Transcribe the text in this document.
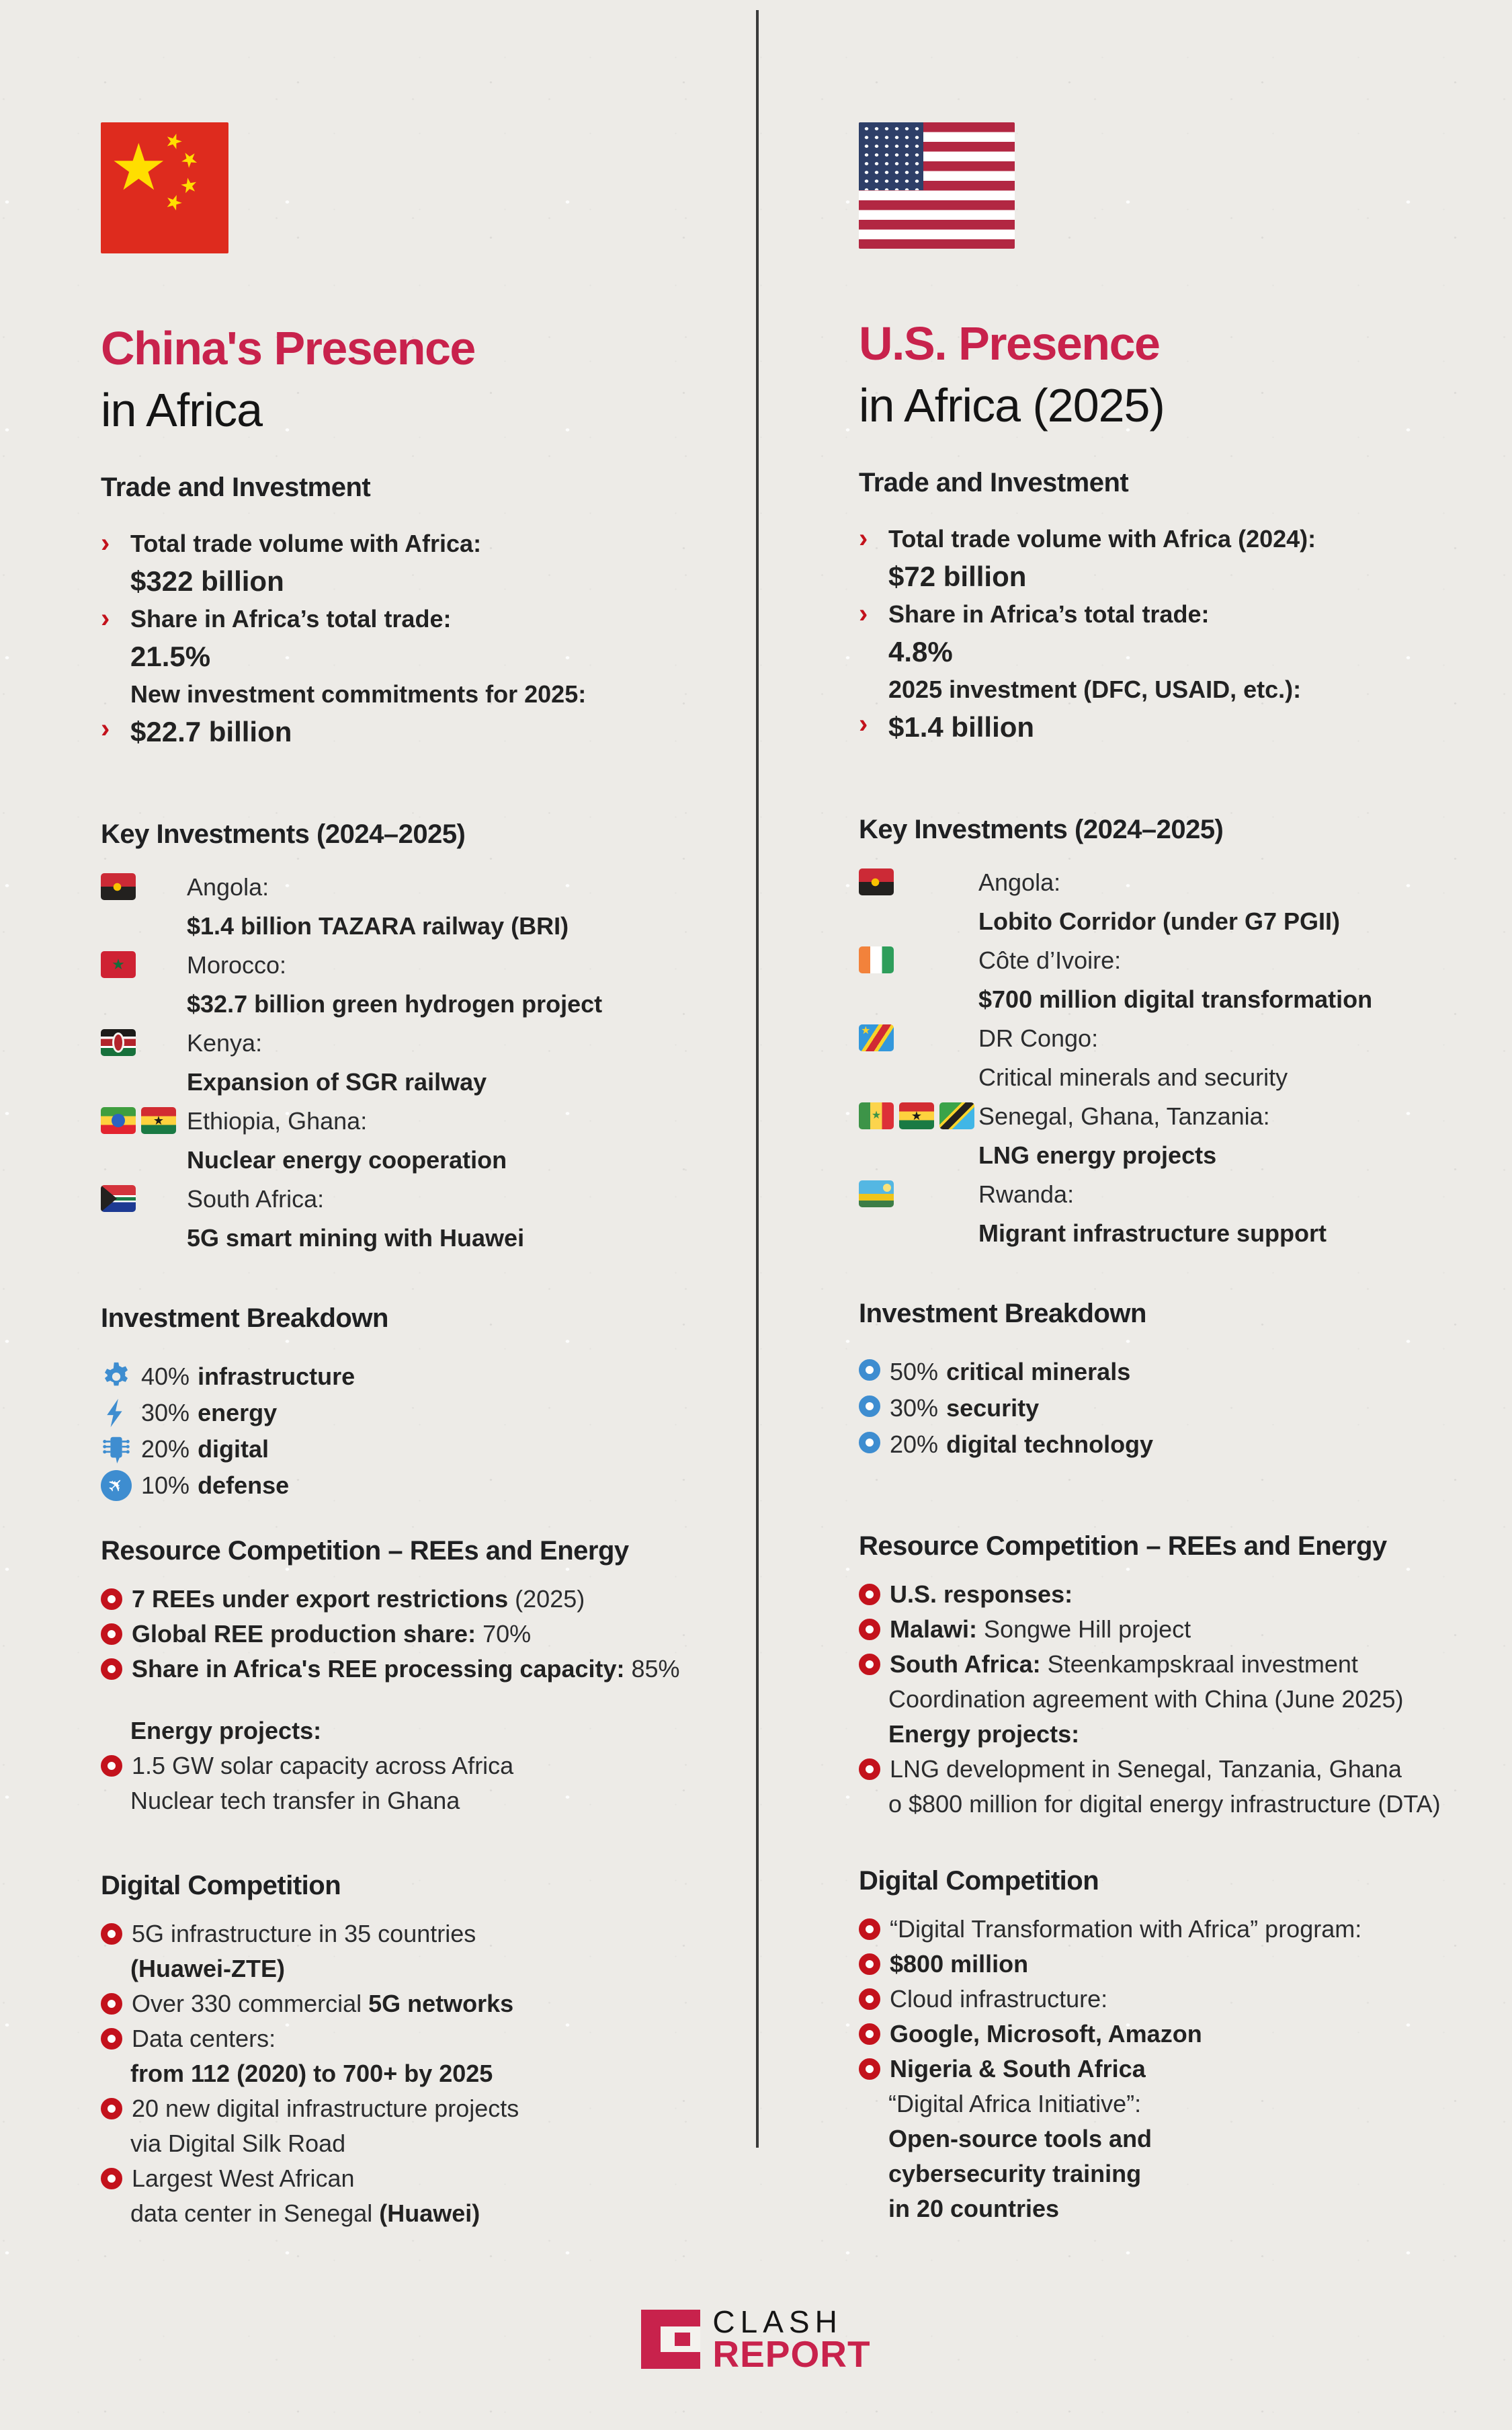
★
★
★
★
★
China's Presence
in Africa
Trade and Investment
› Total trade volume with Africa:
$322 billion
› Share in Africa’s total trade:
21.5%
New investment commitments for 2025:
› $22.7 billion
Key Investments (2024–2025)
Angola:
$1.4 billion TAZARA railway (BRI)
★
Morocco:
$32.7 billion green hydrogen project
Kenya:
Expansion of SGR railway
★
Ethiopia, Ghana:
Nuclear energy cooperation
South Africa:
5G smart mining with Huawei
Investment Breakdown
40% infrastructure
30% energy
20% digital
✈ 10% defense
Resource Competition – REEs and Energy
7 REEs under export restrictions (2025)
Global REE production share: 70%
Share in Africa's REE processing capacity: 85%
Energy projects:
1.5 GW solar capacity across Africa
Nuclear tech transfer in Ghana
Digital Competition
5G infrastructure in 35 countries
(Huawei-ZTE)
Over 330 commercial 5G networks
Data centers:
from 112 (2020) to 700+ by 2025
20 new digital infrastructure projects
via Digital Silk Road
Largest West African
data center in Senegal (Huawei)
U.S. Presence
in Africa (2025)
Trade and Investment
› Total trade volume with Africa (2024):
$72 billion
› Share in Africa’s total trade:
4.8%
2025 investment (DFC, USAID, etc.):
› $1.4 billion
Key Investments (2024–2025)
Angola:
Lobito Corridor (under G7 PGII)
Côte d’Ivoire:
$700 million digital transformation
★
DR Congo:
Critical minerals and security
★
★
Senegal, Ghana, Tanzania:
LNG energy projects
Rwanda:
Migrant infrastructure support
Investment Breakdown
50% critical minerals
30% security
20% digital technology
Resource Competition – REEs and Energy
U.S. responses:
Malawi: Songwe Hill project
South Africa: Steenkampskraal investment
Coordination agreement with China (June 2025)
Energy projects:
LNG development in Senegal, Tanzania, Ghana
o $800 million for digital energy infrastructure (DTA)
Digital Competition
“Digital Transformation with Africa” program:
$800 million
Cloud infrastructure:
Google, Microsoft, Amazon
Nigeria & South Africa
“Digital Africa Initiative”:
Open-source tools and
cybersecurity training
in 20 countries
CLASH
REPORT
